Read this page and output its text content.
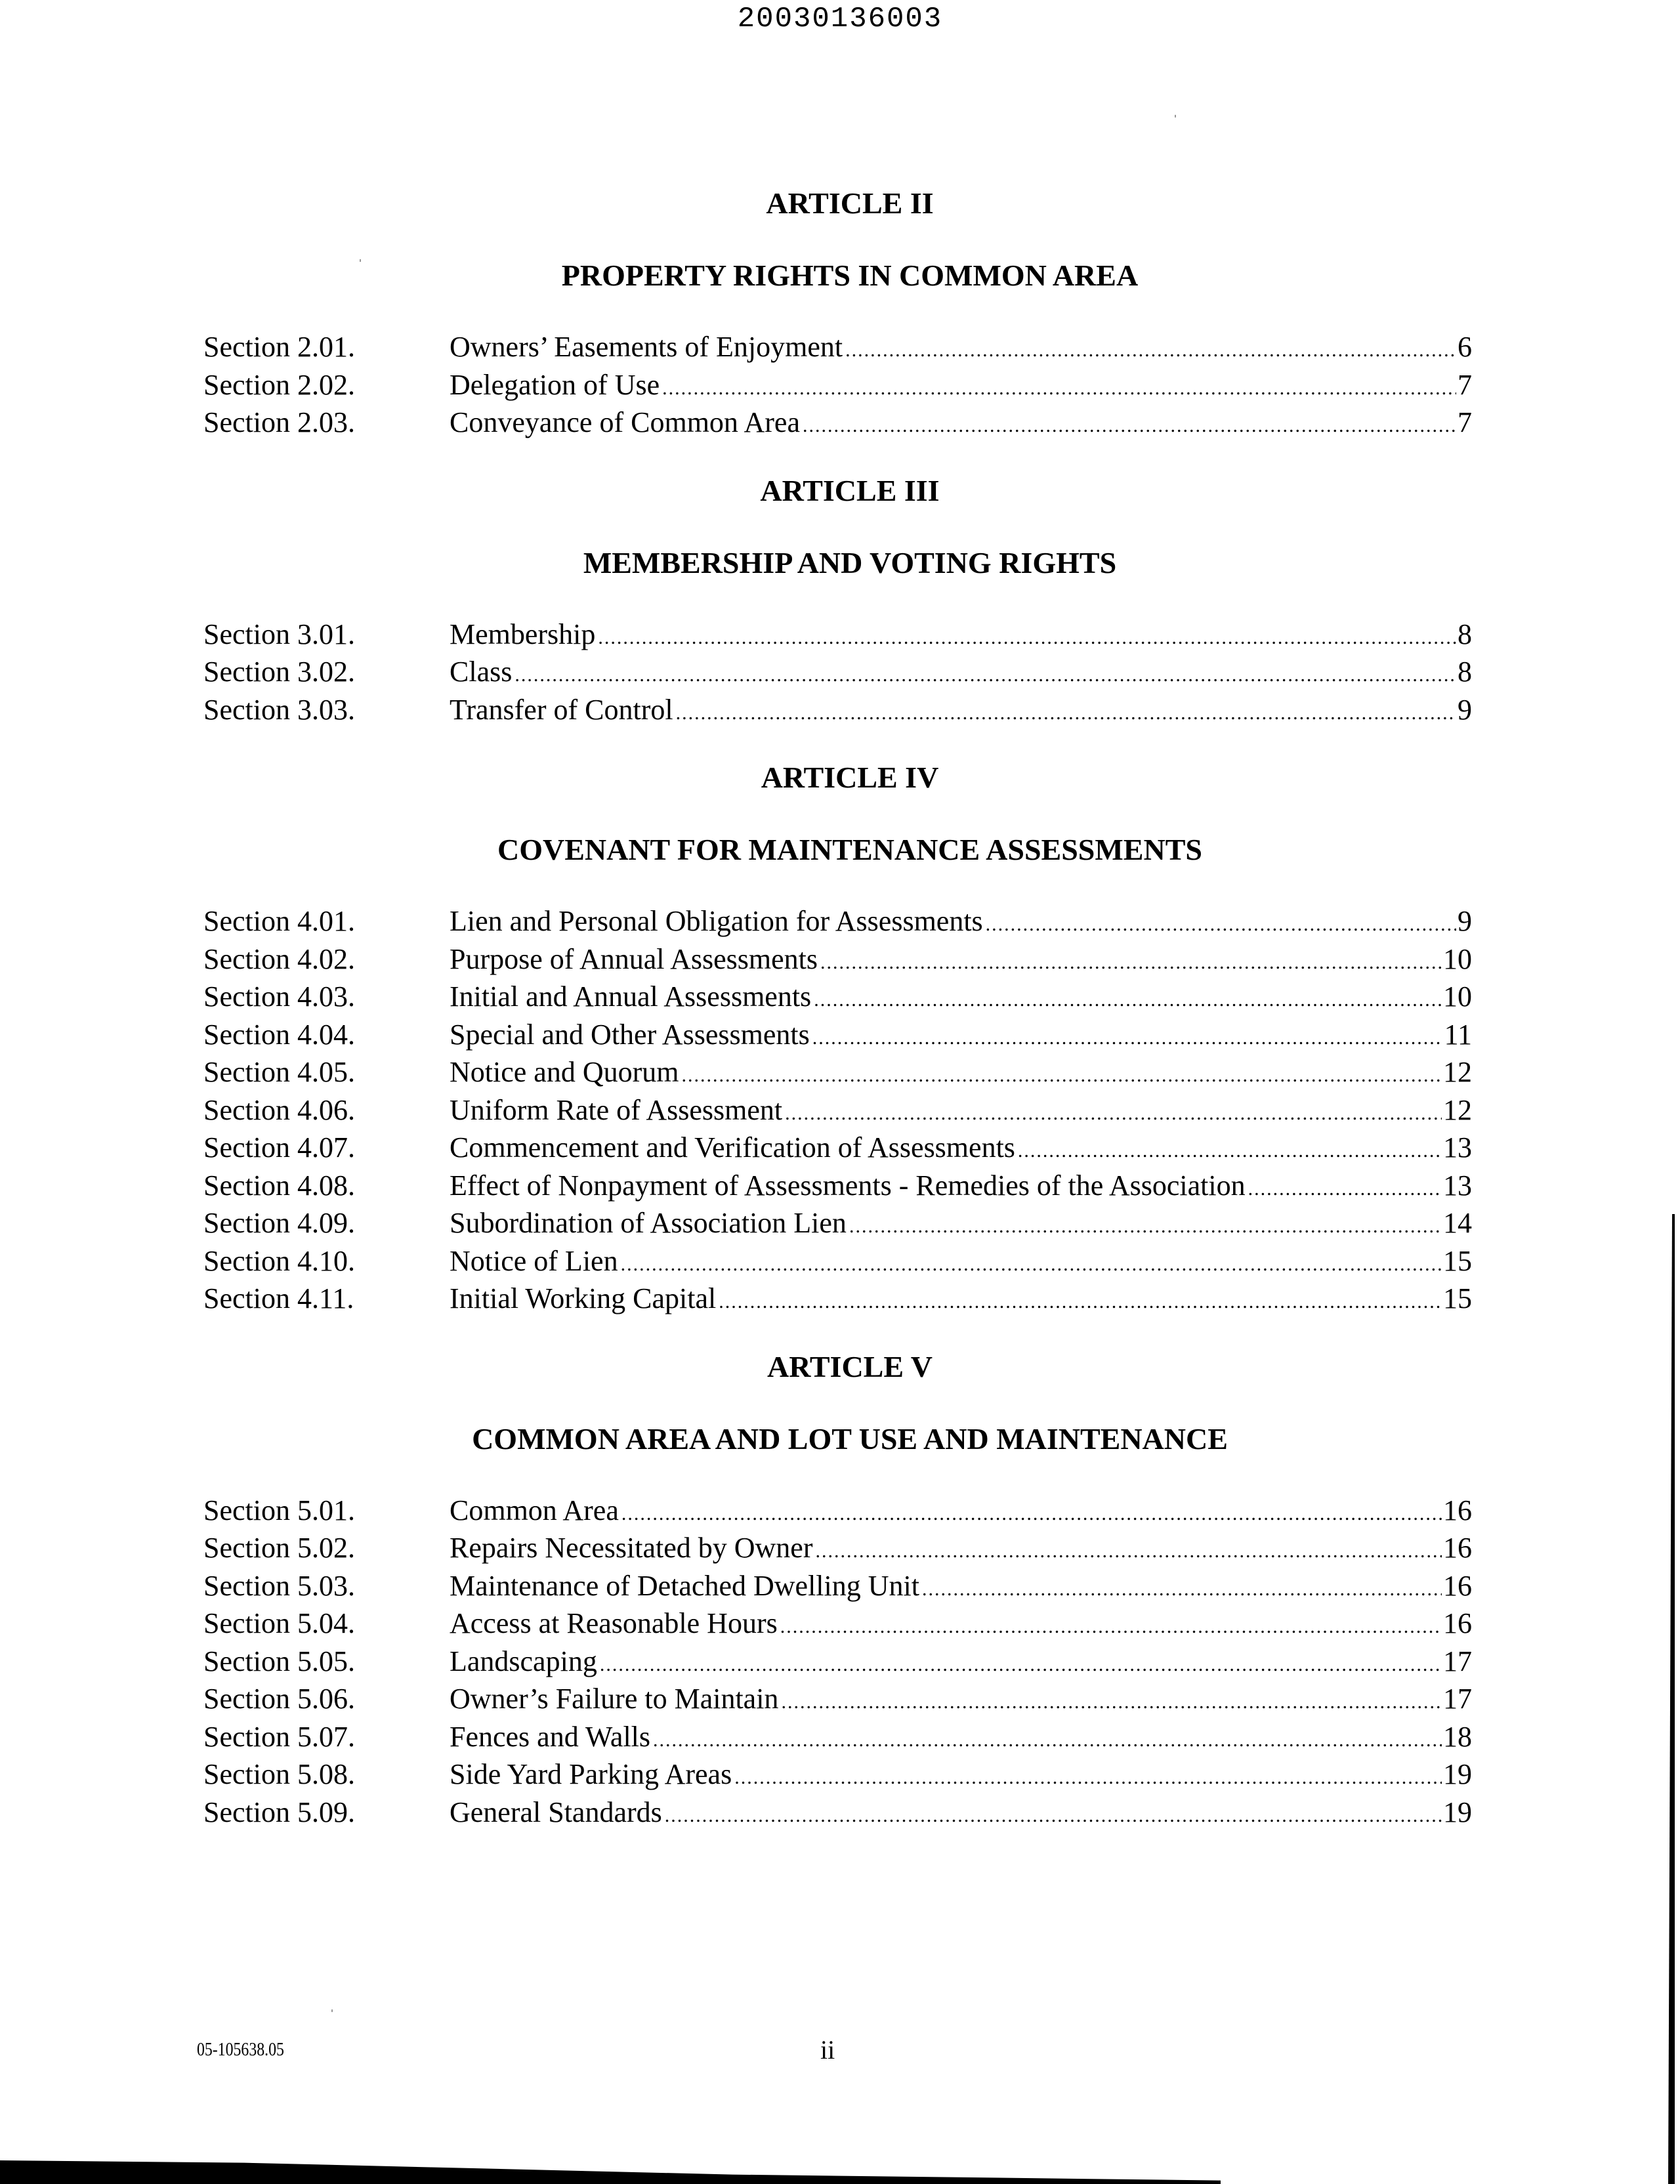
20030136003
ARTICLE II
PROPERTY RIGHTS IN COMMON AREA
Section 2.01.	Owners’ Easements of Enjoyment .....	6
Section 2.02.	Delegation of Use .....	7
Section 2.03.	Conveyance of Common Area .....	7
ARTICLE III
MEMBERSHIP AND VOTING RIGHTS
Section 3.01.	Membership .....	8
Section 3.02.	Class .....	8
Section 3.03.	Transfer of Control .....	9
ARTICLE IV
COVENANT FOR MAINTENANCE ASSESSMENTS
Section 4.01.	Lien and Personal Obligation for Assessments .....	9
Section 4.02.	Purpose of Annual Assessments .....	10
Section 4.03.	Initial and Annual Assessments .....	10
Section 4.04.	Special and Other Assessments .....	11
Section 4.05.	Notice and Quorum .....	12
Section 4.06.	Uniform Rate of Assessment .....	12
Section 4.07.	Commencement and Verification of Assessments .....	13
Section 4.08.	Effect of Nonpayment of Assessments - Remedies of the Association .....	13
Section 4.09.	Subordination of Association Lien .....	14
Section 4.10.	Notice of Lien .....	15
Section 4.11.	Initial Working Capital .....	15
ARTICLE V
COMMON AREA AND LOT USE AND MAINTENANCE
Section 5.01.	Common Area .....	16
Section 5.02.	Repairs Necessitated by Owner .....	16
Section 5.03.	Maintenance of Detached Dwelling Unit .....	16
Section 5.04.	Access at Reasonable Hours .....	16
Section 5.05.	Landscaping .....	17
Section 5.06.	Owner’s Failure to Maintain .....	17
Section 5.07.	Fences and Walls .....	18
Section 5.08.	Side Yard Parking Areas .....	19
Section 5.09.	General Standards .....	19
05-105638.05	ii
